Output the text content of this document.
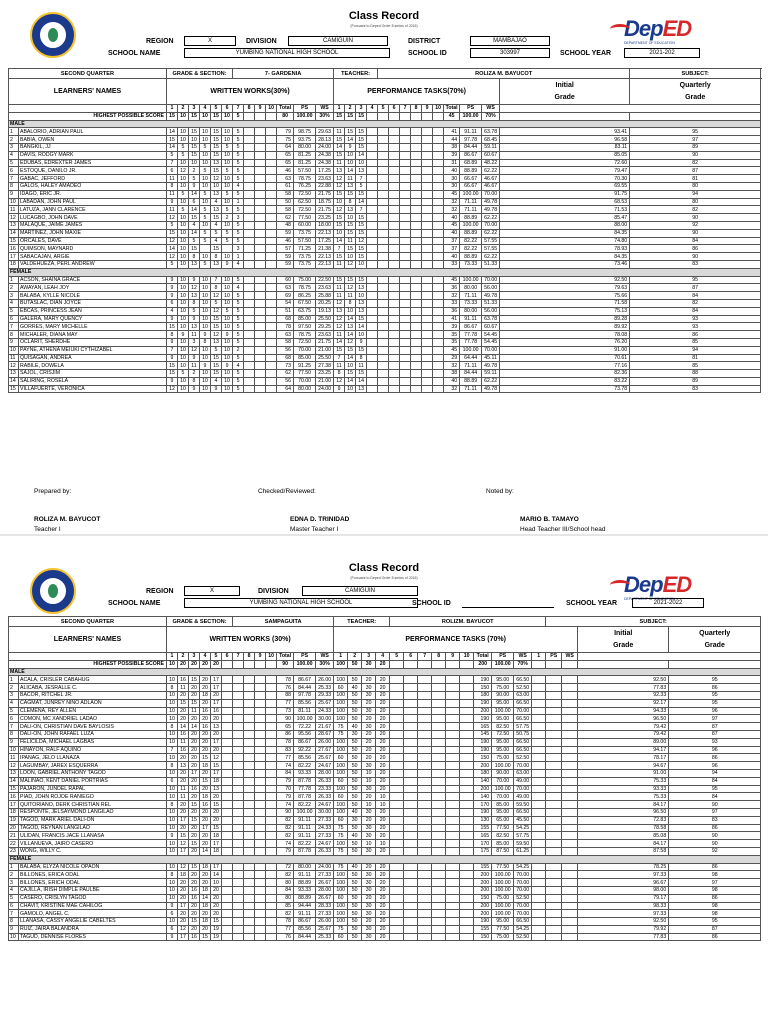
DepED
DEPARTMENT OF EDUCATION
Class Record
(Pursuant to Deped Order 8 series of 2015)
REGION	X	DIVISION	CAMIGUIN	DISTRICT	MAMBAJAO
SCHOOL NAME	YUMBING NATIONAL HIGH SCHOOL	SCHOOL ID	303997	SCHOOL YEAR	2021-202
SECOND QUARTER		GRADE & SECTION:						7- GARDENIA							TEACHER:				ROLIZA M. BAYUCOT										SUBJECT:	
LEARNERS' NAMES		WRITTEN WORKS(30%)													PERFORMANCE TASKS(70%)													Initial

Grade	Quarterly

Grade	
		1	2	3	4	5	6	7	8	9	10	Total	PS	WS	1	2	3	4	5	6	7	8	9	10	Total	PS	WS			
HIGHEST POSSIBLE SCORE		15	10	15	10	15	10	5				80	100.00	30%	15	15	15								45	100.00	70%			
MALE																														
1	ABALORIO, ADRIAN PAUL	14	10	15	10	15	10	5				79	98.75	29.63	11	15	15								41	91.11	63.78	93.41	95	
2	BABIA, OWEN	15	10	10	10	15	10	5				75	93.75	28.13	15	14	15								44	97.78	68.45	96.58	97	
3	BANGKIL, JJ	14	5	15	5	15	5	5				64	80.00	24.00	14	9	15								38	84.44	59.11	83.11	89	
4	DAVIS, RODGY MARK	5	5	15	10	15	10	5				65	81.25	24.38	15	10	14								39	86.67	60.67	85.05	90	
5	EDUBAS, EDREXTER JAMES	7	10	10	10	13	10	5				65	81.25	24.38	11	10	10								31	68.89	48.22	72.60	82	
6	ESTOQUE, DANILO JR.	6	12	2	5	15	5	5				46	57.50	17.25	13	14	13								40	88.89	62.22	79.47	87	
7	GABAC, JEFFORD	11	10	5	10	12	10	5				63	78.75	23.63	12	11	7								30	66.67	46.67	70.30	81	
8	GALOS, HALEY AMADEO	8	10	9	10	10	10	4				61	76.25	22.88	12	13	5								30	66.67	46.67	69.55	80	
9	IDAGO, ERIC JR.	11	5	14	5	13	5	5				58	72.50	21.75	15	15	15								45	100.00	70.00	91.75	94	
10	LABADAN, JOHN PAUL	9	10	6	10	4	10	1				50	62.50	18.75	10	8	14								32	71.11	49.78	68.53	80	
11	LATUZA, JANN CLARENCE	11	5	14	5	13	5	5				58	72.50	21.75	12	13	7								32	71.11	49.78	71.53	82	
12	LUCAGBO, JOHN DAVE	12	10	15	5	15	2	3				62	77.50	23.25	15	10	15								40	88.89	62.22	85.47	90	
13	MALAQUE, JAIME JAMES	5	10	4	10	4	10	5				48	60.00	18.00	15	15	15								45	100.00	70.00	88.00	92	
14	MARTINEZ, JOHN MAXIE	15	10	14	5	5	5	5				59	73.75	22.13	10	15	15								40	88.89	62.22	84.35	90	
15	ORCALES, DAVE	12	10	5	5	4	5	5				46	57.50	17.25	14	11	12								37	82.22	57.55	74.80	84	
16	QUIMSON, MAYNARD	14	10	15		15		3				57	71.25	21.38	7	15	15								37	82.22	57.55	78.93	86	
17	SABACAJAN, ARGIE	12	10	8	10	8	10	1				59	73.75	22.13	15	10	15								40	88.89	62.22	84.35	90	
18	VALDEHUEZA, PERL ANDREW	5	10	13	5	13	9	4				59	73.75	22.13	11	12	10								33	73.33	51.33	73.46	83	
FEMALE																														
1	ACSON, SHAINA GRACE	9	10	9	10	7	10	5				60	75.00	22.50	15	15	15								45	100.00	70.00	92.50	95	
2	AWAYAN, LEAH JOY	9	10	12	10	8	10	4				63	78.75	23.63	11	12	13								36	80.00	56.00	79.63	87	
3	BALABA, KYLLE NICOLE	9	10	13	10	12	10	5				69	86.25	25.88	11	11	10								32	71.11	49.78	75.66	84	
4	BUTASLAC, DIAN JOYCE	6	10	8	10	5	10	5				54	67.50	20.25	12	8	13								33	73.33	51.33	71.58	82	
5	EBCAS, PRINCESS JEAN	4	10	5	10	12	5	5				51	63.75	19.13	13	10	13								36	80.00	56.00	75.13	84	
6	GALERA, MARY QUENCY	9	10	9	10	15	10	5				68	85.00	25.50	12	14	15								41	91.11	63.78	89.28	93	
7	GORRES, MARY MICHELLE	15	10	13	10	15	10	5				78	97.50	29.25	12	13	14								39	86.67	60.67	89.92	93	
8	MICHALER, DIANA MAY	8	9	11	9	12	9	5				63	78.75	23.63	11	14	10								35	77.78	54.45	78.08	86	
9	OCLARIT, SHERDHE	9	10	3	8	13	10	5				58	72.50	21.75	14	12	9								35	77.78	54.45	76.20	85	
10	PAYNE, ATHENA MEIUKI CYTHIZABEL	7	10	12	10	5	10	2				56	70.00	21.00	15	15	15								45	100.00	70.00	91.00	94	
11	QUISAGAN, ANDREA	9	10	9	10	15	10	5				68	85.00	25.50	7	14	8								29	64.44	45.11	70.61	81	
12	RABILE, DOWELA	15	10	11	9	15	9	4				73	91.25	27.38	11	10	11								32	71.11	49.78	77.16	85	
13	SAJOL, CRISJIM	15	5	2	10	15	10	5				62	77.50	23.25	8	15	15								38	84.44	59.11	82.36	88	
14	SALIRING, ROSELA	9	10	8	10	4	10	5				56	70.00	21.00	12	14	14								40	88.89	62.22	83.22	89	
15	VILLAFUERTE, VERONICA	12	10	9	10	9	10	5				64	80.00	24.00	9	10	13								32	71.11	49.78	73.78	83	
Prepared by:	Checked/Reviewed:	Noted by:
ROLIZA M. BAYUCOT
Teacher I
EDNA D. TRINIDAD
Master Teacher I
MARIO B. TAMAYO
Head Teacher III/School head
DepED
DEPARTMENT OF EDUCATION
Class Record
(Pursuant to Deped Order 8 series of 2015)
REGION	X	DIVISION	CAMIGUIN
SCHOOL NAME	YUMBING NATIONAL HIGH SCHOOL	SCHOOL ID	SCHOOL YEAR	2021-2022
SECOND QUARTER		GRADE & SECTION:						SAMPAGUITA							TEACHER:				ROLIZM. BAYUCOT										SUBJECT:	
LEARNERS' NAMES		WRITTEN WORKS (30%)													PERFORMANCE TASKS (70%)																Initial

Grade	Quarterly

Grade	
		1	2	3	4	5	6	7	8	9	10	Total	PS	WS	1	2	3	4	5	6	7	8	9	10	Total	PS	WS	1	PS	WS			
HIGHEST POSSIBLE SCORE		10	20	20	20	20						90	100.00	30%	100	50	30	20							200	100.00	70%						
MALE																																	
1	ACALA, CRISLER CABAHUG	10	16	15	20	17						78	86.67	26.00	100	50	20	20							190	95.00	66.50				92.50	95	
2	ALICABA, JESRALLE C.	8	11	20	20	17						76	84.44	25.33	60	40	30	20							150	75.00	52.50				77.83	86	
3	BACOR, RITCHEL JR.	10	20	20	18	20						88	97.78	29.33	100	50	30	20							180	90.00	63.00				92.33	95	
4	CAGMAT, JUNREY NIÑO ADLAON	10	15	15	20	17						77	85.56	25.67	100	50	20	20							190	95.00	66.50				92.17	95	
5	CLEMEÑA, REY ALLEN	10	20	11	16	16						73	81.11	24.33	100	50	30	20							200	100.00	70.00				94.33	96	
6	COMON, MC XANDRIEL LADAO	10	20	20	20	20						90	100.00	30.00	100	50	20	20							190	95.00	66.50				96.50	97	
7	DALI-ON, CHRISTIAN DAVE BAYLOSIS	8	14	14	16	13						65	72.22	21.67	75	40	30	20							165	82.50	57.75				79.42	87	
8	DALI-ON, JOHN RAFAEL LUZA	10	16	20	20	20						86	95.56	28.67	75	30	20	20							145	72.50	50.75				79.42	87	
9	FELICILDA, MICHAEL LAGBAS	10	11	20	20	17						78	86.67	26.00	100	50	20	20							190	95.00	66.50				89.00	93	
10	HINAYON, RALF AQUINO	7	16	20	20	20						83	92.22	27.67	100	50	20	20							190	95.00	66.50				94.17	96	
11	IPANAG, JELO LLANAZA	10	20	20	15	12						77	85.56	25.67	60	50	20	20							150	75.00	52.50				78.17	86	
12	LAGUMBAY, JAREX ESQUERRA	8	13	20	18	15						74	82.22	24.67	100	50	30	20							200	100.00	70.00				94.67	96	
13	LOON, GABRIEL ANTHONY TAGOD	10	20	17	20	17						84	93.33	28.00	100	50	10	20							180	90.00	63.00				91.00	94	
14	MALINAO, KENT DANIEL PORTRIAS	6	20	20	15	18						79	87.78	26.33	60	50	10	20							140	70.00	49.00				75.33	84	
15	PAJARON, JUNDEL RAPAL	10	11	16	20	13						70	77.78	23.33	100	50	30	20							200	100.00	70.00				93.33	95	
16	PIAD, JOHN ROJOE RANIEGO	10	11	20	18	20						79	87.78	26.33	60	50	20	10							140	70.00	49.00				75.33	84	
17	QUITORIANO, DERK CHRISTIAN REL	8	20	15	16	15						74	82.22	24.67	100	50	10	10							170	85.00	59.50				84.17	90	
18	RESPONTE, JELSAYMOND LANGILAO	10	20	20	20	20						90	100.00	30.00	100	40	30	20							190	95.00	66.50				96.50	97	
19	TAGOD, MARK ARIEL DALI-ON	10	17	15	20	20						82	91.11	27.33	60	30	20	20							130	65.00	45.50				72.83	83	
20	TAGOD, REYNAN LANGILAO	10	20	20	17	15						82	91.11	24.33	75	50	30	20							155	77.50	54.25				78.58	86	
21	ULIDAN, FRANCIS JACE LLANASA	9	15	20	20	18						82	91.11	27.33	75	40	30	20							165	82.50	57.75				85.08	90	
22	VILLANUEVA, JAIRO CASERO	10	12	15	20	17						74	82.22	24.67	100	50	10	10							170	85.00	59.50				84.17	90	
23	WONG, WILLY C.	10	17	20	14	18						79	87.78	26.33	75	50	30	20							175	87.50	61.25				87.58	92	
FEMALE																																	
1	BALABA, ELYZA NICOLE OPAON	10	12	15	18	17						72	80.00	24.00	75	40	20	20							155	77.50	54.25				78.25	86	
2	BILLONES, ERICA ODAL	8	18	20	20	14						82	91.11	27.33	100	50	30	20							200	100.00	70.00				97.33	98	
3	BILLONES, ERICH ODAL	10	20	20	20	10						80	88.89	26.67	100	50	30	20							200	100.00	70.00				96.67	97	
4	CAJILLA, IRISH DIMPLE PAULBE	10	20	16	18	20						84	93.33	28.00	100	50	30	20							200	100.00	70.00				98.00	98	
5	CASERO, CRISLYN TAGOD	10	20	16	14	20						80	88.89	26.67	60	50	20	20							150	75.00	52.50				79.17	86	
6	CHAVIT, KRISTINE MAE CAHILOG	9	17	20	18	20						85	94.44	28.33	100	50	30	20							200	100.00	70.00				98.33	98	
7	GAMOLO, ANGEL C.	6	20	20	20	20						82	91.11	27.33	100	50	30	20							200	100.00	70.00				97.33	98	
8	LLANASA, CASSY ANGELIE CABELTES	10	20	15	18	15						78	86.67	26.00	100	50	20	20							190	95.00	66.50				92.50	95	
9	RUIZ, JAIRA BALANDRA	6	12	20	20	19						77	85.56	25.67	75	50	30	20							155	77.50	54.25				79.92	87	
10	TAGUD, DENNISE FLORES	9	17	16	15	19						76	84.44	25.33	60	50	30	20							150	75.00	52.50				77.83	86	
